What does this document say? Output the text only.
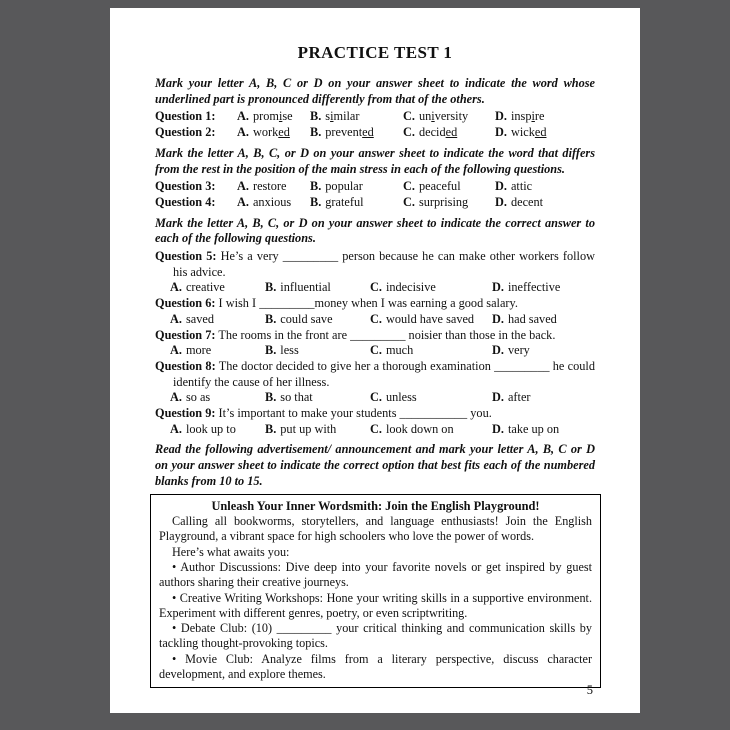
PRACTICE TEST 1

Mark your letter A, B, C or D on your answer sheet to indicate the word whose underlined part is pronounced differently from that of the others.

Question 1:	A. promise	B. similar	C. university	D. inspire
Question 2:	A. worked	B. prevented	C. decided	D. wicked

Mark the letter A, B, C, or D on your answer sheet to indicate the word that differs from the rest in the position of the main stress in each of the following questions.

Question 3:	A. restore	B. popular	C. peaceful	D. attic
Question 4:	A. anxious	B. grateful	C. surprising	D. decent

Mark the letter A, B, C, or D on your answer sheet to indicate the correct answer to each of the following questions.

Question 5: He’s a very _________ person because he can make other workers follow his advice.

A. creative	B. influential	C. indecisive	D. ineffective

Question 6: I wish I _________money when I was earning a good salary.

A. saved	B. could save	C. would have saved	D. had saved

Question 7: The rooms in the front are _________ noisier than those in the back.

A. more	B. less	C. much	D. very

Question 8: The doctor decided to give her a thorough examination _________ he could identify the cause of her illness.

A. so as	B. so that	C. unless	D. after

Question 9: It’s important to make your students ___________ you.

A. look up to	B. put up with	C. look down on	D. take up on

Read the following advertisement/ announcement and mark your letter A, B, C or D on your answer sheet to indicate the correct option that best fits each of the numbered blanks from 10 to 15.

Unleash Your Inner Wordsmith: Join the English Playground!

Calling all bookworms, storytellers, and language enthusiasts! Join the English Playground, a vibrant space for high schoolers who love the power of words.

Here’s what awaits you:

• Author Discussions: Dive deep into your favorite novels or get inspired by guest authors sharing their creative journeys.

• Creative Writing Workshops: Hone your writing skills in a supportive environment. Experiment with different genres, poetry, or even scriptwriting.

• Debate Club: (10) _________ your critical thinking and communication skills by tackling thought-provoking topics.

• Movie Club: Analyze films from a literary perspective, discuss character development, and explore themes.

5
